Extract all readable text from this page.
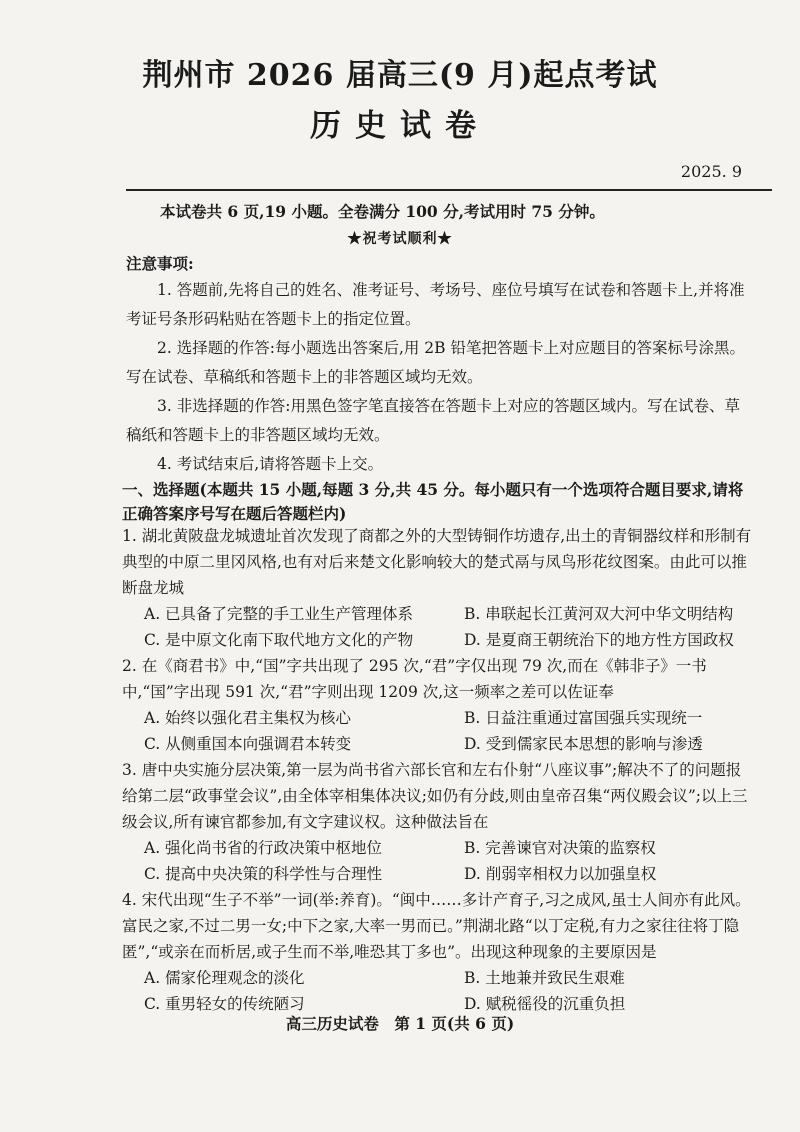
荆州市 2026 届高三(9 月)起点考试
历史试卷
2025. 9
本试卷共 6 页,19 小题。全卷满分 100 分,考试用时 75 分钟。
★祝考试顺利★
注意事项:

1. 答题前,先将自己的姓名、准考证号、考场号、座位号填写在试卷和答题卡上,并将准考证号条形码粘贴在答题卡上的指定位置。

2. 选择题的作答:每小题选出答案后,用 2B 铅笔把答题卡上对应题目的答案标号涂黑。写在试卷、草稿纸和答题卡上的非答题区域均无效。

3. 非选择题的作答:用黑色签字笔直接答在答题卡上对应的答题区域内。写在试卷、草稿纸和答题卡上的非答题区域均无效。

4. 考试结束后,请将答题卡上交。

一、选择题(本题共 15 小题,每题 3 分,共 45 分。每小题只有一个选项符合题目要求,请将正确答案序号写在题后答题栏内)

1. 湖北黄陂盘龙城遗址首次发现了商都之外的大型铸铜作坊遗存,出土的青铜器纹样和形制有典型的中原二里冈风格,也有对后来楚文化影响较大的楚式鬲与凤鸟形花纹图案。由此可以推断盘龙城

A. 已具备了完整的手工业生产管理体系	B. 串联起长江黄河双大河中华文明结构
C. 是中原文化南下取代地方文化的产物	D. 是夏商王朝统治下的地方性方国政权

2. 在《商君书》中,“国”字共出现了 295 次,“君”字仅出现 79 次,而在《韩非子》一书中,“国”字出现 591 次,“君”字则出现 1209 次,这一频率之差可以佐证奉

A. 始终以强化君主集权为核心	B. 日益注重通过富国强兵实现统一
C. 从侧重国本向强调君本转变	D. 受到儒家民本思想的影响与渗透

3. 唐中央实施分层决策,第一层为尚书省六部长官和左右仆射“八座议事”;解决不了的问题报给第二层“政事堂会议”,由全体宰相集体决议;如仍有分歧,则由皇帝召集“两仪殿会议”;以上三级会议,所有谏官都参加,有文字建议权。这种做法旨在

A. 强化尚书省的行政决策中枢地位	B. 完善谏官对决策的监察权
C. 提高中央决策的科学性与合理性	D. 削弱宰相权力以加强皇权

4. 宋代出现“生子不举”一词(举:养育)。“闽中……多计产育子,习之成风,虽士人间亦有此风。富民之家,不过二男一女;中下之家,大率一男而已。”荆湖北路“以丁定税,有力之家往往将丁隐匿”,“或亲在而析居,或子生而不举,唯恐其丁多也”。出现这种现象的主要原因是

A. 儒家伦理观念的淡化	B. 土地兼并致民生艰难
C. 重男轻女的传统陋习	D. 赋税徭役的沉重负担
高三历史试卷　第 1 页(共 6 页)
